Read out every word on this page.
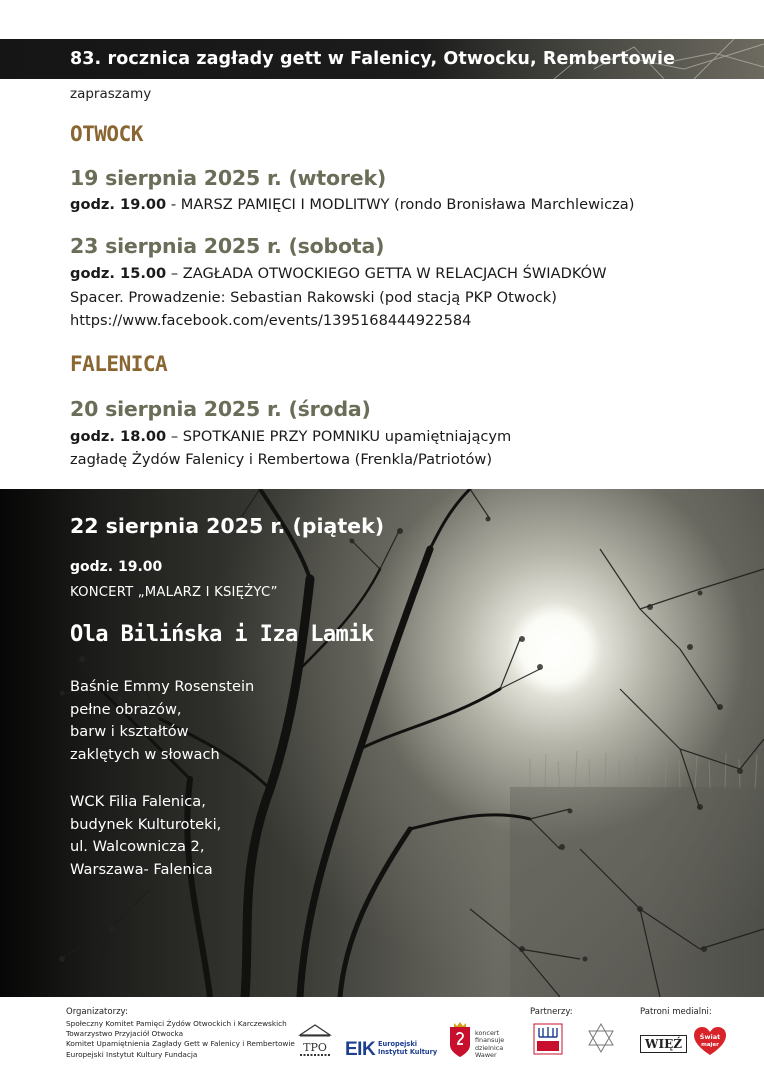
83. rocznica zagłady gett w Falenicy, Otwocku, Rembertowie
zapraszamy
OTWOCK
19 sierpnia 2025 r. (wtorek)
godz. 19.00 - MARSZ PAMIĘCI I MODLITWY (rondo Bronisława Marchlewicza)
23 sierpnia 2025 r. (sobota)
godz. 15.00 – ZAGŁADA OTWOCKIEGO GETTA W RELACJACH ŚWIADKÓW
Spacer. Prowadzenie: Sebastian Rakowski (pod stacją PKP Otwock)
https://www.facebook.com/events/1395168444922584
FALENICA
20 sierpnia 2025 r. (środa)
godz. 18.00 – SPOTKANIE PRZY POMNIKU upamiętniającym
zagładę Żydów Falenicy i Rembertowa (Frenkla/Patriotów)
22 sierpnia 2025 r. (piątek)
godz. 19.00
KONCERT „MALARZ I KSIĘŻYC”
Ola Bilińska i Iza Lamik
Baśnie Emmy Rosenstein
pełne obrazów,
barw i kształtów
zaklętych w słowach
WCK Filia Falenica,
budynek Kulturoteki,
ul. Walcownicza 2,
Warszawa- Falenica
Organizatorzy:
Społeczny Komitet Pamięci Żydów Otwockich i Karczewskich
Towarzystwo Przyjaciół Otwocka
Komitet Upamiętnienia Zagłady Gett w Falenicy i Rembertowie
Europejski Instytut Kultury Fundacja
TPO EIK Europejski
Instytut Kultury
koncert
finansuje
dzielnica
Wawer
Partnerzy:	Patroni medialni:
WIĘŹ	Świat
majer
